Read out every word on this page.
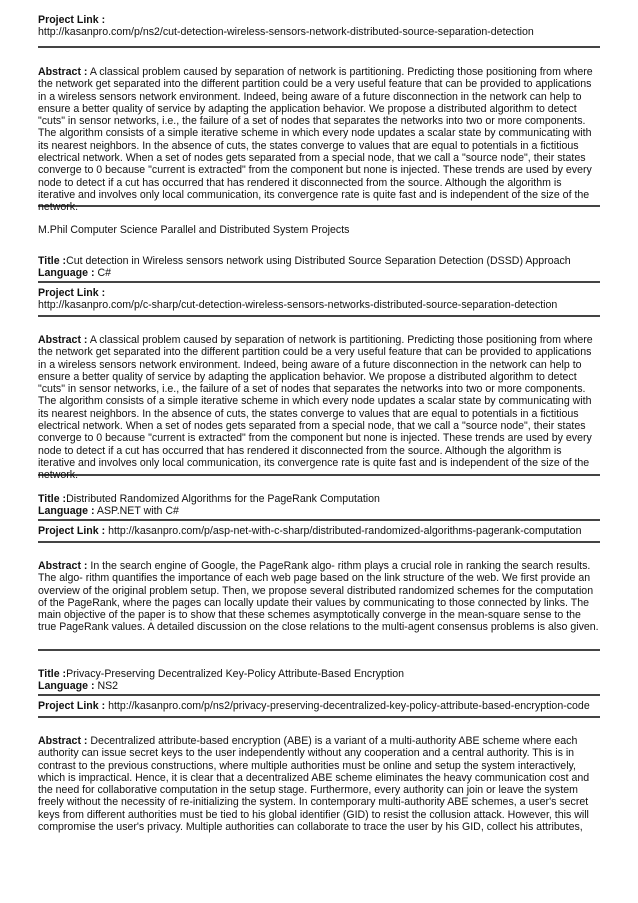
Project Link :

http://kasanpro.com/p/ns2/cut-detection-wireless-sensors-network-distributed-source-separation-detection

Abstract : A classical problem caused by separation of network is partitioning. Predicting those positioning from where the network get separated into the different partition could be a very useful feature that can be provided to applications in a wireless sensors network environment. Indeed, being aware of a future disconnection in the network can help to ensure a better quality of service by adapting the application behavior. We propose a distributed algorithm to detect "cuts" in sensor networks, i.e., the failure of a set of nodes that separates the networks into two or more components. The algorithm consists of a simple iterative scheme in which every node updates a scalar state by communicating with its nearest neighbors. In the absence of cuts, the states converge to values that are equal to potentials in a fictitious electrical network. When a set of nodes gets separated from a special node, that we call a "source node", their states converge to 0 because "current is extracted" from the component but none is injected. These trends are used by every node to detect if a cut has occurred that has rendered it disconnected from the source. Although the algorithm is iterative and involves only local communication, its convergence rate is quite fast and is independent of the size of the network.

M.Phil Computer Science Parallel and Distributed System Projects

Title :Cut detection in Wireless sensors network using Distributed Source Separation Detection (DSSD) Approach

Language : C#

Project Link :

http://kasanpro.com/p/c-sharp/cut-detection-wireless-sensors-networks-distributed-source-separation-detection

Abstract : A classical problem caused by separation of network is partitioning. Predicting those positioning from where the network get separated into the different partition could be a very useful feature that can be provided to applications in a wireless sensors network environment. Indeed, being aware of a future disconnection in the network can help to ensure a better quality of service by adapting the application behavior. We propose a distributed algorithm to detect "cuts" in sensor networks, i.e., the failure of a set of nodes that separates the networks into two or more components. The algorithm consists of a simple iterative scheme in which every node updates a scalar state by communicating with its nearest neighbors. In the absence of cuts, the states converge to values that are equal to potentials in a fictitious electrical network. When a set of nodes gets separated from a special node, that we call a "source node", their states converge to 0 because "current is extracted" from the component but none is injected. These trends are used by every node to detect if a cut has occurred that has rendered it disconnected from the source. Although the algorithm is iterative and involves only local communication, its convergence rate is quite fast and is independent of the size of the network.

Title :Distributed Randomized Algorithms for the PageRank Computation

Language : ASP.NET with C#

Project Link : http://kasanpro.com/p/asp-net-with-c-sharp/distributed-randomized-algorithms-pagerank-computation

Abstract : In the search engine of Google, the PageRank algo- rithm plays a crucial role in ranking the search results. The algo- rithm quantifies the importance of each web page based on the link structure of the web. We first provide an overview of the original problem setup. Then, we propose several distributed randomized schemes for the computation of the PageRank, where the pages can locally update their values by communicating to those connected by links. The main objective of the paper is to show that these schemes asymptotically converge in the mean-square sense to the true PageRank values. A detailed discussion on the close relations to the multi-agent consensus problems is also given.

Title :Privacy-Preserving Decentralized Key-Policy Attribute-Based Encryption

Language : NS2

Project Link : http://kasanpro.com/p/ns2/privacy-preserving-decentralized-key-policy-attribute-based-encryption-code

Abstract : Decentralized attribute-based encryption (ABE) is a variant of a multi-authority ABE scheme where each authority can issue secret keys to the user independently without any cooperation and a central authority. This is in contrast to the previous constructions, where multiple authorities must be online and setup the system interactively, which is impractical. Hence, it is clear that a decentralized ABE scheme eliminates the heavy communication cost and the need for collaborative computation in the setup stage. Furthermore, every authority can join or leave the system freely without the necessity of re-initializing the system. In contemporary multi-authority ABE schemes, a user's secret keys from different authorities must be tied to his global identifier (GID) to resist the collusion attack. However, this will compromise the user's privacy. Multiple authorities can collaborate to trace the user by his GID, collect his attributes,
